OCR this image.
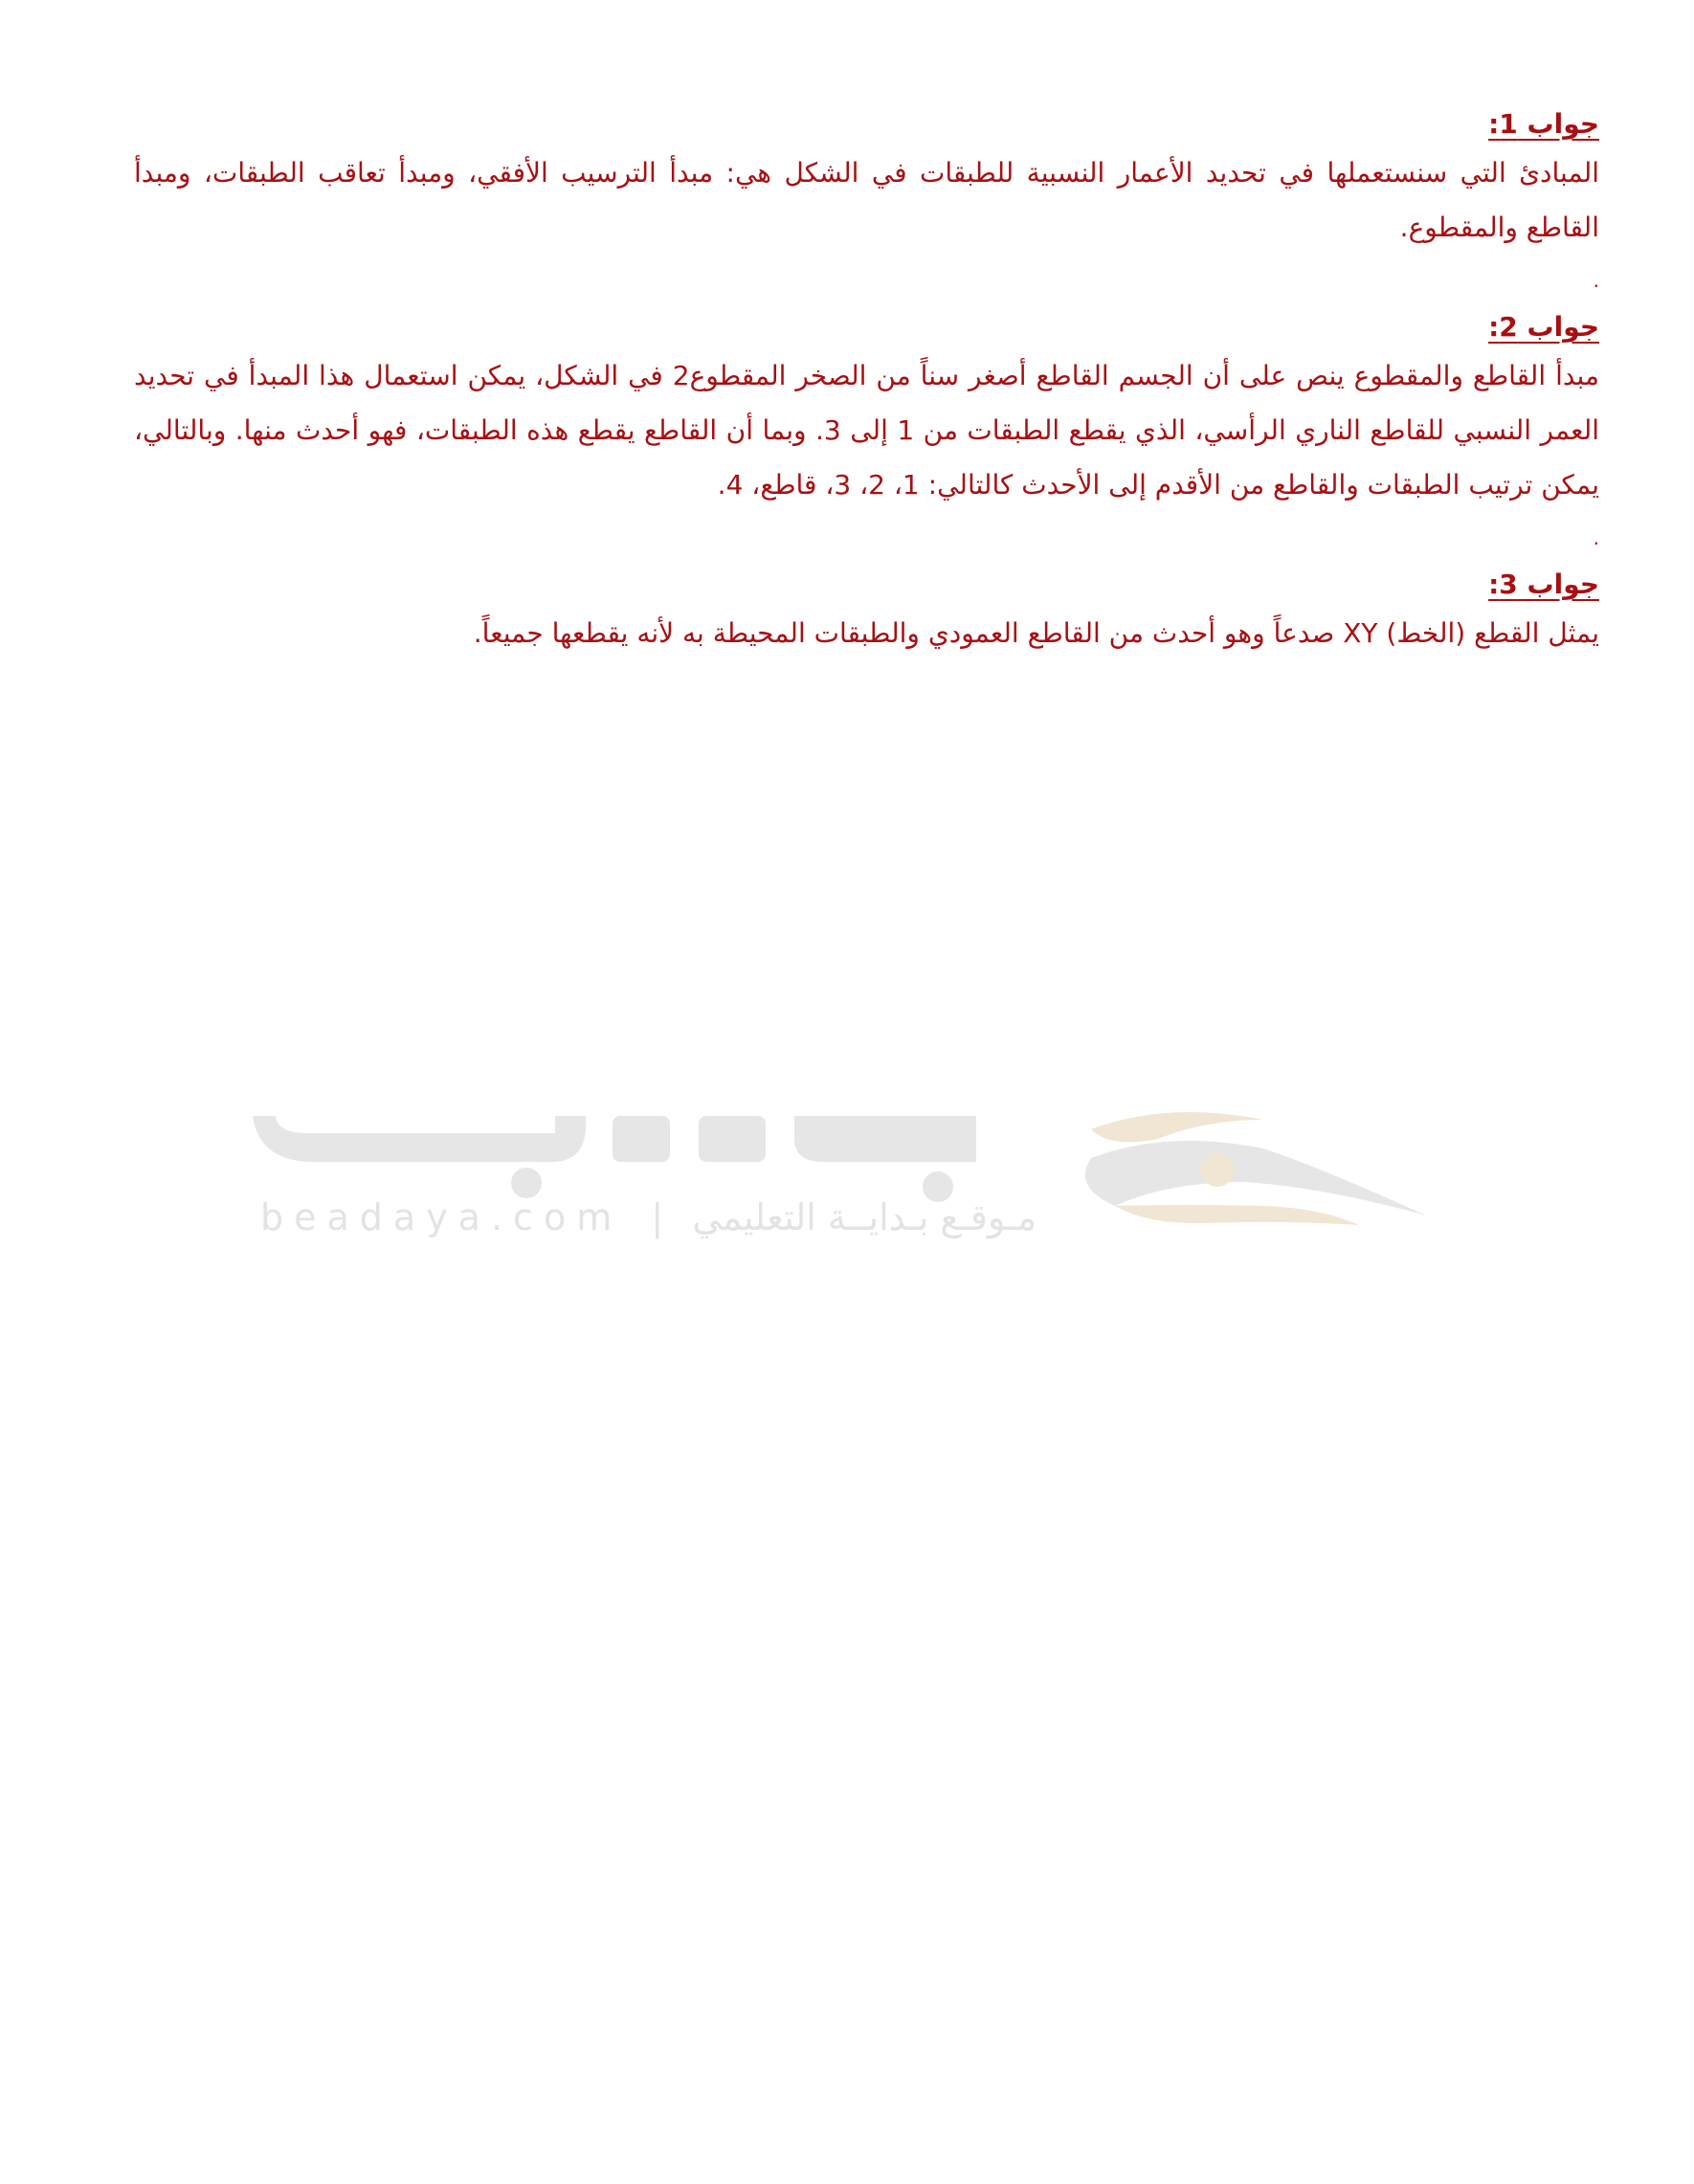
جواب 1:

المبادئ التي سنستعملها في تحديد الأعمار النسبية للطبقات في الشكل هي: مبدأ الترسيب الأفقي، ومبدأ تعاقب الطبقات، ومبدأ القاطع والمقطوع.

.

جواب 2:

مبدأ القاطع والمقطوع ينص على أن الجسم القاطع أصغر سناً من الصخر المقطوع2 في الشكل، يمكن استعمال هذا المبدأ في تحديد العمر النسبي للقاطع الناري الرأسي، الذي يقطع الطبقات من 1 إلى 3. وبما أن القاطع يقطع هذه الطبقات، فهو أحدث منها. وبالتالي، يمكن ترتيب الطبقات والقاطع من الأقدم إلى الأحدث كالتالي: 1، 2، 3، قاطع، 4.

.

جواب 3:

يمثل القطع (الخط) XY صدعاً وهو أحدث من القاطع العمودي والطبقات المحيطة به لأنه يقطعها جميعاً.

beadaya.com | مـوقـع بـدايــة التعليمي
